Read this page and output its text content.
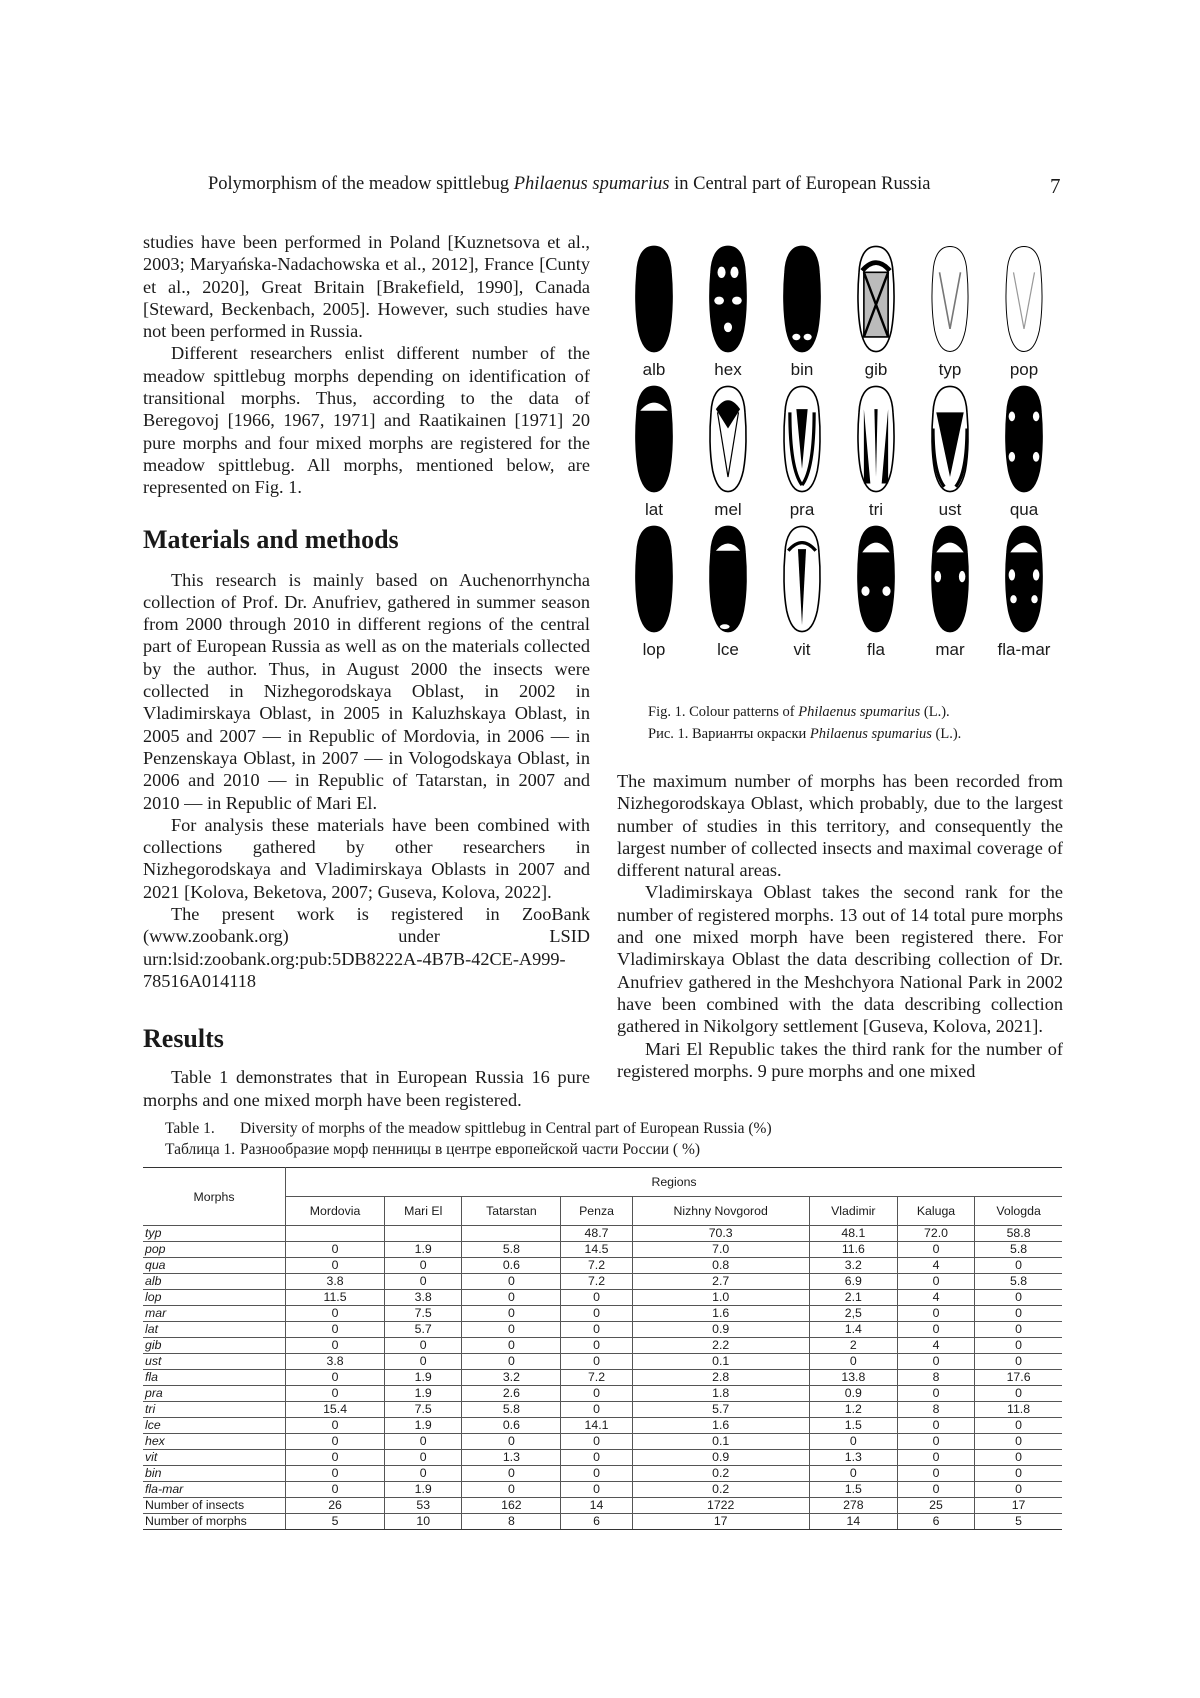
Polymorphism of the meadow spittlebug Philaenus spumarius in Central part of European Russia	7

studies have been performed in Poland [Kuznetsova et al., 2003; Maryańska-Nadachowska et al., 2012], France [Cunty et al., 2020], Great Britain [Brakefield, 1990], Canada [Steward, Beckenbach, 2005]. However, such studies have not been performed in Russia.

Different researchers enlist different number of the meadow spittlebug morphs depending on identification of transitional morphs. Thus, according to the data of Beregovoj [1966, 1967, 1971] and Raatikainen [1971] 20 pure morphs and four mixed morphs are registered for the meadow spittlebug. All morphs, mentioned below, are represented on Fig. 1.

Materials and methods

This research is mainly based on Auchenorrhyncha collection of Prof. Dr. Anufriev, gathered in summer season from 2000 through 2010 in different regions of the central part of European Russia as well as on the materials collected by the author. Thus, in August 2000 the insects were collected in Nizhegorodskaya Oblast, in 2002 in Vladimirskaya Oblast, in 2005 in Kaluzhskaya Oblast, in 2005 and 2007 — in Republic of Mordovia, in 2006 — in Penzenskaya Oblast, in 2007 — in Vologodskaya Oblast, in 2006 and 2010 — in Republic of Tatarstan, in 2007 and 2010 — in Republic of Mari El.

For analysis these materials have been combined with collections gathered by other researchers in Nizhegorodskaya and Vladimirskaya Oblasts in 2007 and 2021 [Kolova, Beketova, 2007; Guseva, Kolova, 2022].

The present work is registered in ZooBank (www.zoobank.org) under LSID urn:lsid:zoobank.org:pub:5DB8222A-4B7B-42CE-A999-78516A014118

Results

Table 1 demonstrates that in European Russia 16 pure morphs and one mixed morph have been registered.

alb	hex	bin	gib	typ	pop
lat	mel	pra	tri	ust	qua
lop	lce	vit	fla	mar	fla-mar
Fig. 1. Colour patterns of Philaenus spumarius (L.).
Рис. 1. Варианты окраски Philaenus spumarius (L.).

The maximum number of morphs has been recorded from Nizhegorodskaya Oblast, which probably, due to the largest number of studies in this territory, and consequently the largest number of collected insects and maximal coverage of different natural areas.

Vladimirskaya Oblast takes the second rank for the number of registered morphs. 13 out of 14 total pure morphs and one mixed morph have been registered there. For Vladimirskaya Oblast the data describing collection of Dr. Anufriev gathered in the Meshchyora National Park in 2002 have been combined with the data describing collection gathered in Nikolgory settlement [Guseva, Kolova, 2021].

Mari El Republic takes the third rank for the number of registered morphs. 9 pure morphs and one mixed

Table 1. Diversity of morphs of the meadow spittlebug in Central part of European Russia (%)
Таблица 1. Разнообразие морф пенницы в центре европейской части России ( %)
Morphs	Regions							
	Mordovia	Mari El	Tatarstan	Penza	Nizhny Novgorod	Vladimir	Kaluga	Vologda
typ				48.7	70.3	48.1	72.0	58.8
pop	0	1.9	5.8	14.5	7.0	11.6	0	5.8
qua	0	0	0.6	7.2	0.8	3.2	4	0
alb	3.8	0	0	7.2	2.7	6.9	0	5.8
lop	11.5	3.8	0	0	1.0	2.1	4	0
mar	0	7.5	0	0	1.6	2,5	0	0
lat	0	5.7	0	0	0.9	1.4	0	0
gib	0	0	0	0	2.2	2	4	0
ust	3.8	0	0	0	0.1	0	0	0
fla	0	1.9	3.2	7.2	2.8	13.8	8	17.6
pra	0	1.9	2.6	0	1.8	0.9	0	0
tri	15.4	7.5	5.8	0	5.7	1.2	8	11.8
lce	0	1.9	0.6	14.1	1.6	1.5	0	0
hex	0	0	0	0	0.1	0	0	0
vit	0	0	1.3	0	0.9	1.3	0	0
bin	0	0	0	0	0.2	0	0	0
fla-mar	0	1.9	0	0	0.2	1.5	0	0
Number of insects	26	53	162	14	1722	278	25	17
Number of morphs	5	10	8	6	17	14	6	5
